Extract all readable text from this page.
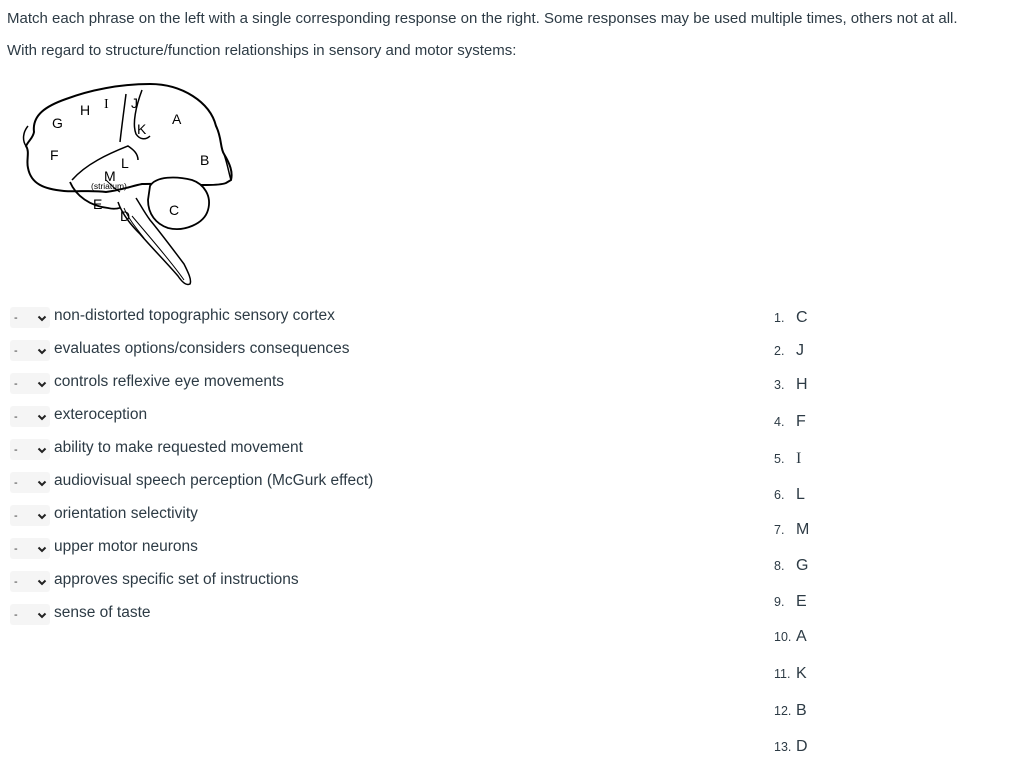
Match each phrase on the left with a single corresponding response on the right. Some responses may be used multiple times, others not at all.

With regard to structure/function relationships in sensory and motor systems:

H I J
G	K
A
F	L	B
M
(striatum)
E
D	C
- non-distorted topographic sensory cortex
- evaluates options/considers consequences
- controls reflexive eye movements
- exteroception
- ability to make requested movement
- audiovisual speech perception (McGurk effect)
- orientation selectivity
- upper motor neurons
- approves specific set of instructions
- sense of taste
1. C
2. J
3. H
4. F
5. I
6. L
7. M
8. G
9. E
10. A
11. K
12. B
13. D
